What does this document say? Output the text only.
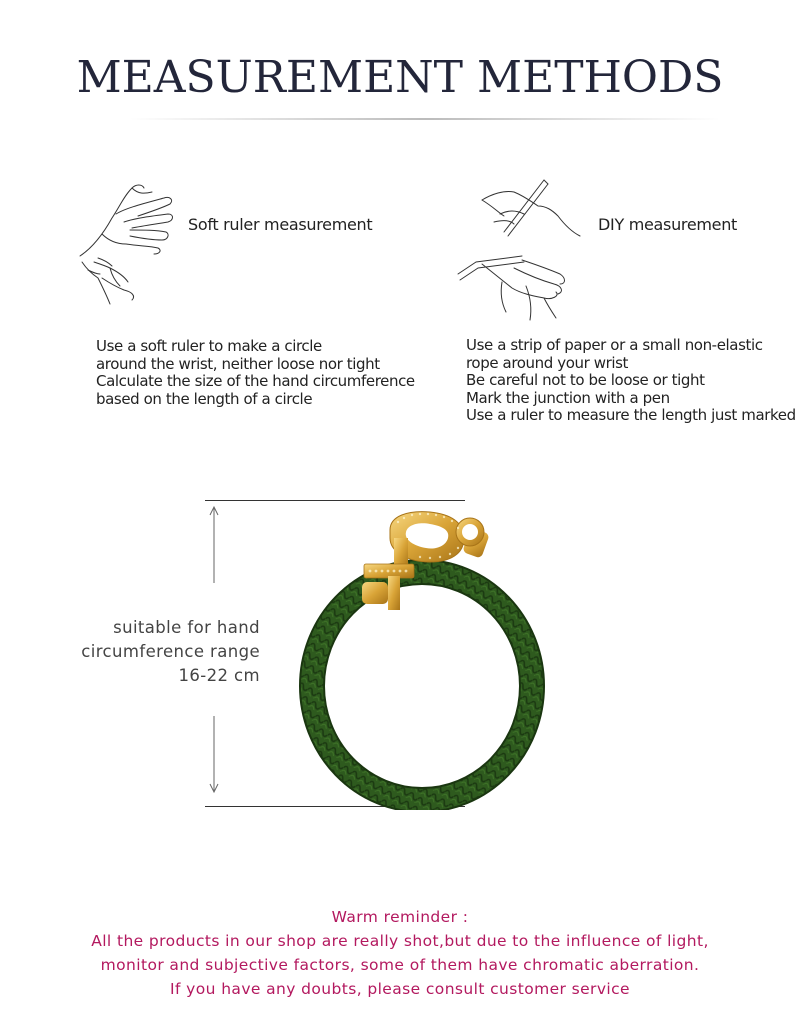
MEASUREMENT METHODS
Soft ruler measurement
Use a soft ruler to make a circle
around the wrist, neither loose nor tight
Calculate the size of the hand circumference
based on the length of a circle
DIY measurement
Use a strip of paper or a small non-elastic
rope around your wrist
Be careful not to be loose or tight
Mark the junction with a pen
Use a ruler to measure the length just marked
suitable for hand
circumference range
16-22 cm
Warm reminder :
All the products in our shop are really shot,but due to the influence of light,
monitor and subjective factors, some of them have chromatic aberration.
If you have any doubts, please consult customer service
